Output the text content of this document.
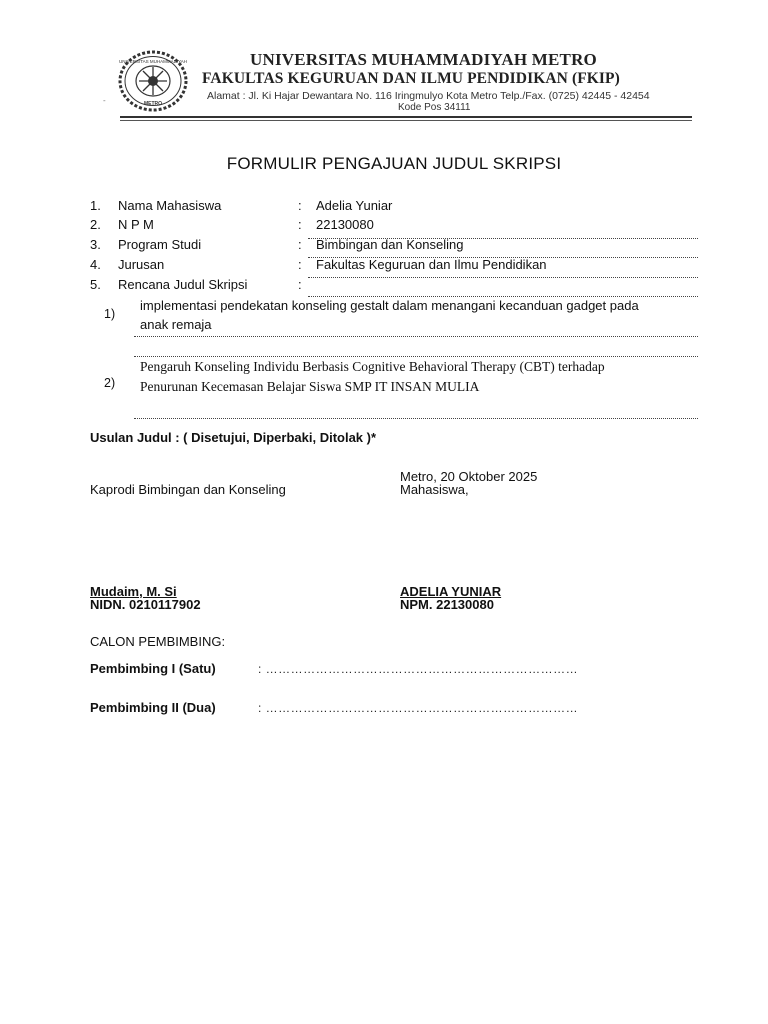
UNIVERSITAS MUHAMMADIYAH
METRO
-
UNIVERSITAS MUHAMMADIYAH METRO
FAKULTAS KEGURUAN DAN ILMU PENDIDIKAN (FKIP)
Alamat : Jl. Ki Hajar Dewantara No. 116 Iringmulyo Kota Metro Telp./Fax. (0725) 42445 - 42454
Kode Pos 34111
FORMULIR PENGAJUAN JUDUL SKRIPSI
1. Nama Mahasiswa	: Adelia Yuniar
2. N P M	: 22130080
3. Program Studi	: Bimbingan dan Konseling
4. Jurusan	: Fakultas Keguruan dan Ilmu Pendidikan
5. Rencana Judul Skripsi	:
1)
implementasi pendekatan konseling gestalt dalam menangani kecanduan gadget pada
anak remaja
Pengaruh Konseling Individu Berbasis Cognitive Behavioral Therapy (CBT) terhadap
2) Penurunan Kecemasan Belajar Siswa SMP IT INSAN MULIA
Usulan Judul : ( Disetujui, Diperbaki, Ditolak )*
Metro, 20 Oktober 2025
Kaprodi Bimbingan dan Konseling	Mahasiswa,
Mudaim, M. Si
NIDN. 0210117902
ADELIA YUNIAR
NPM. 22130080
CALON PEMBIMBING:
Pembimbing I (Satu)	: …………………………………………………………………
Pembimbing II (Dua)	: …………………………………………………………………
